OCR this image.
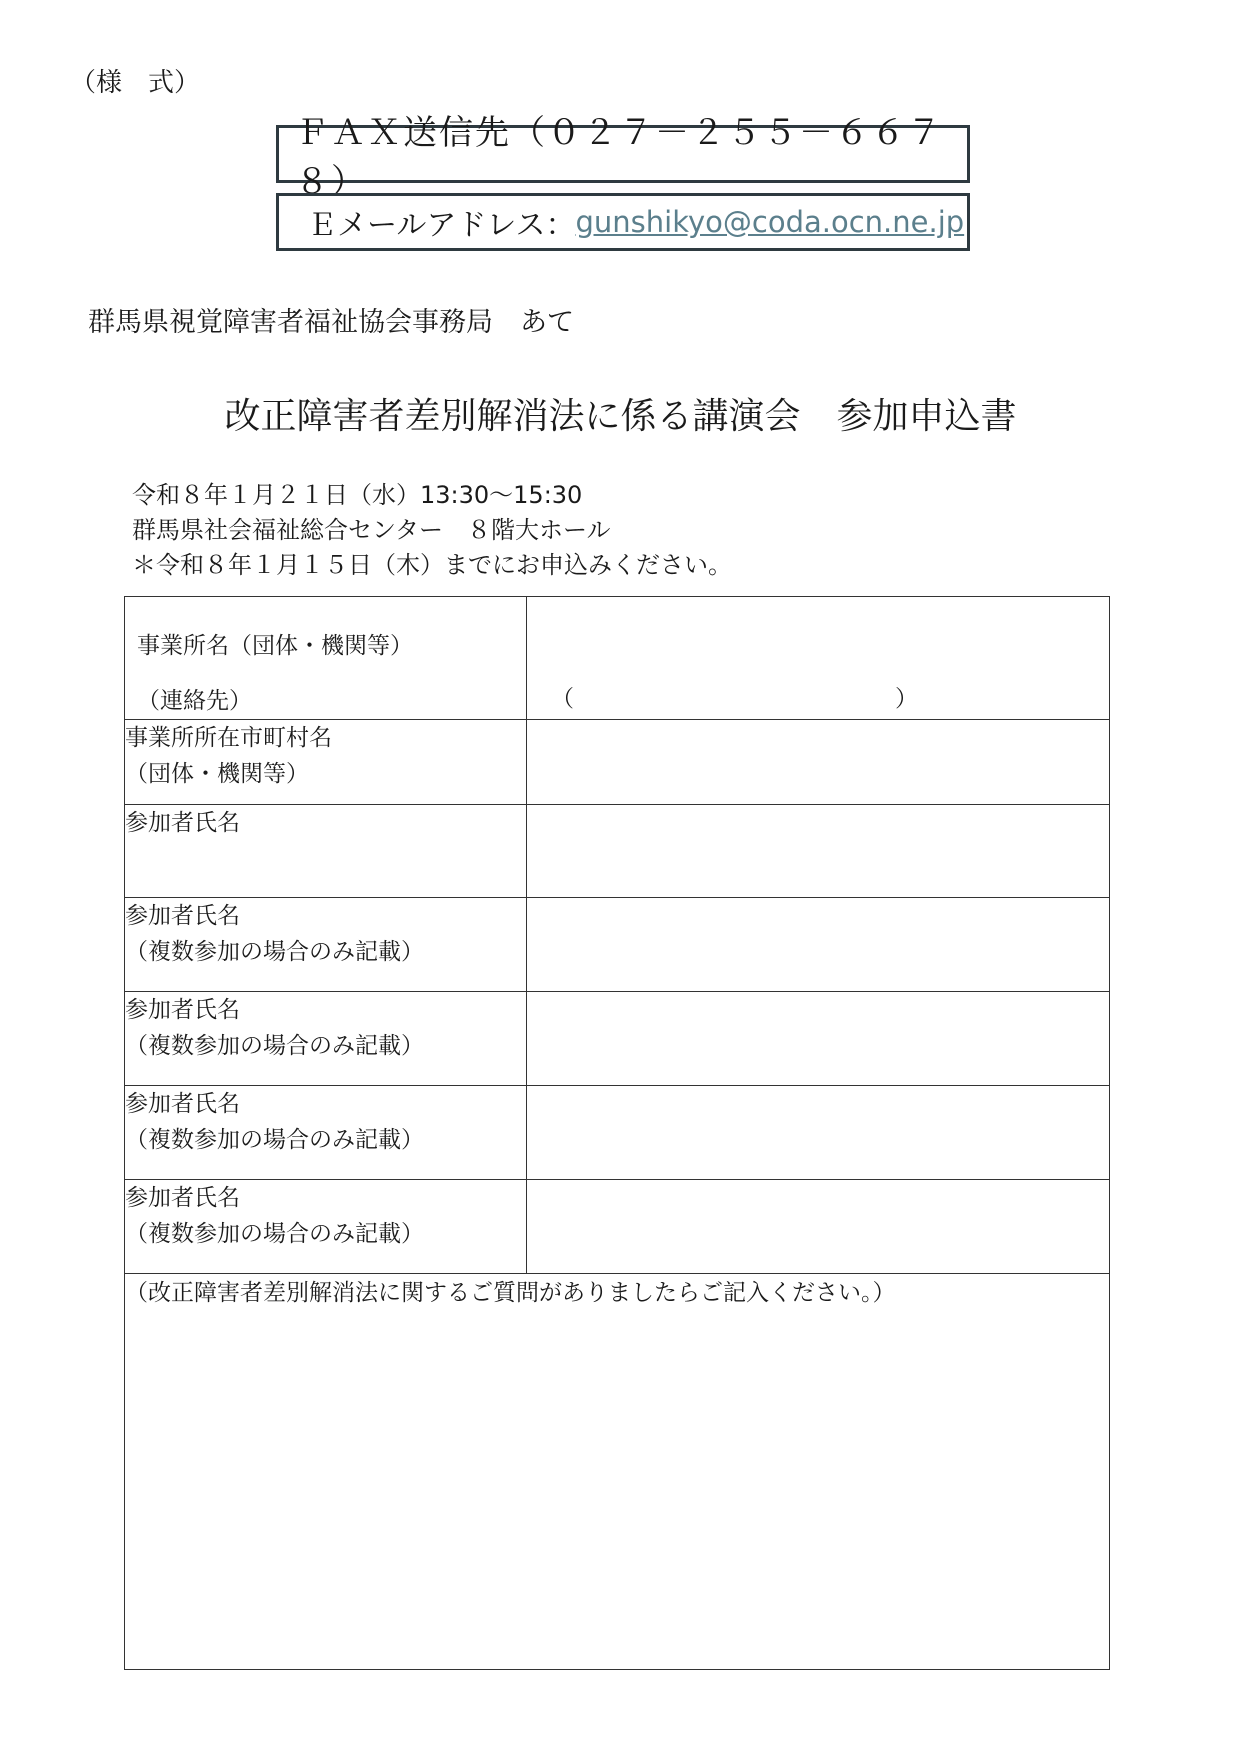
（様　式）
ＦＡＸ送信先（０２７－２５５－６６７８）
Ｅメールアドレス： gunshikyo@coda.ocn.ne.jp
群馬県視覚障害者福祉協会事務局　あて
改正障害者差別解消法に係る講演会　参加申込書
令和８年１月２１日（水）13:30～15:30
群馬県社会福祉総合センター　８階大ホール
＊令和８年１月１５日（木）までにお申込みください。
事業所名（団体・機関等）
（連絡先）	（ ）

事業所所在市町村名
（団体・機関等）	

参加者氏名	

参加者氏名
（複数参加の場合のみ記載）	

参加者氏名
（複数参加の場合のみ記載）	

参加者氏名
（複数参加の場合のみ記載）	

参加者氏名
（複数参加の場合のみ記載）	

（改正障害者差別解消法に関するご質問がありましたらご記入ください。）	
